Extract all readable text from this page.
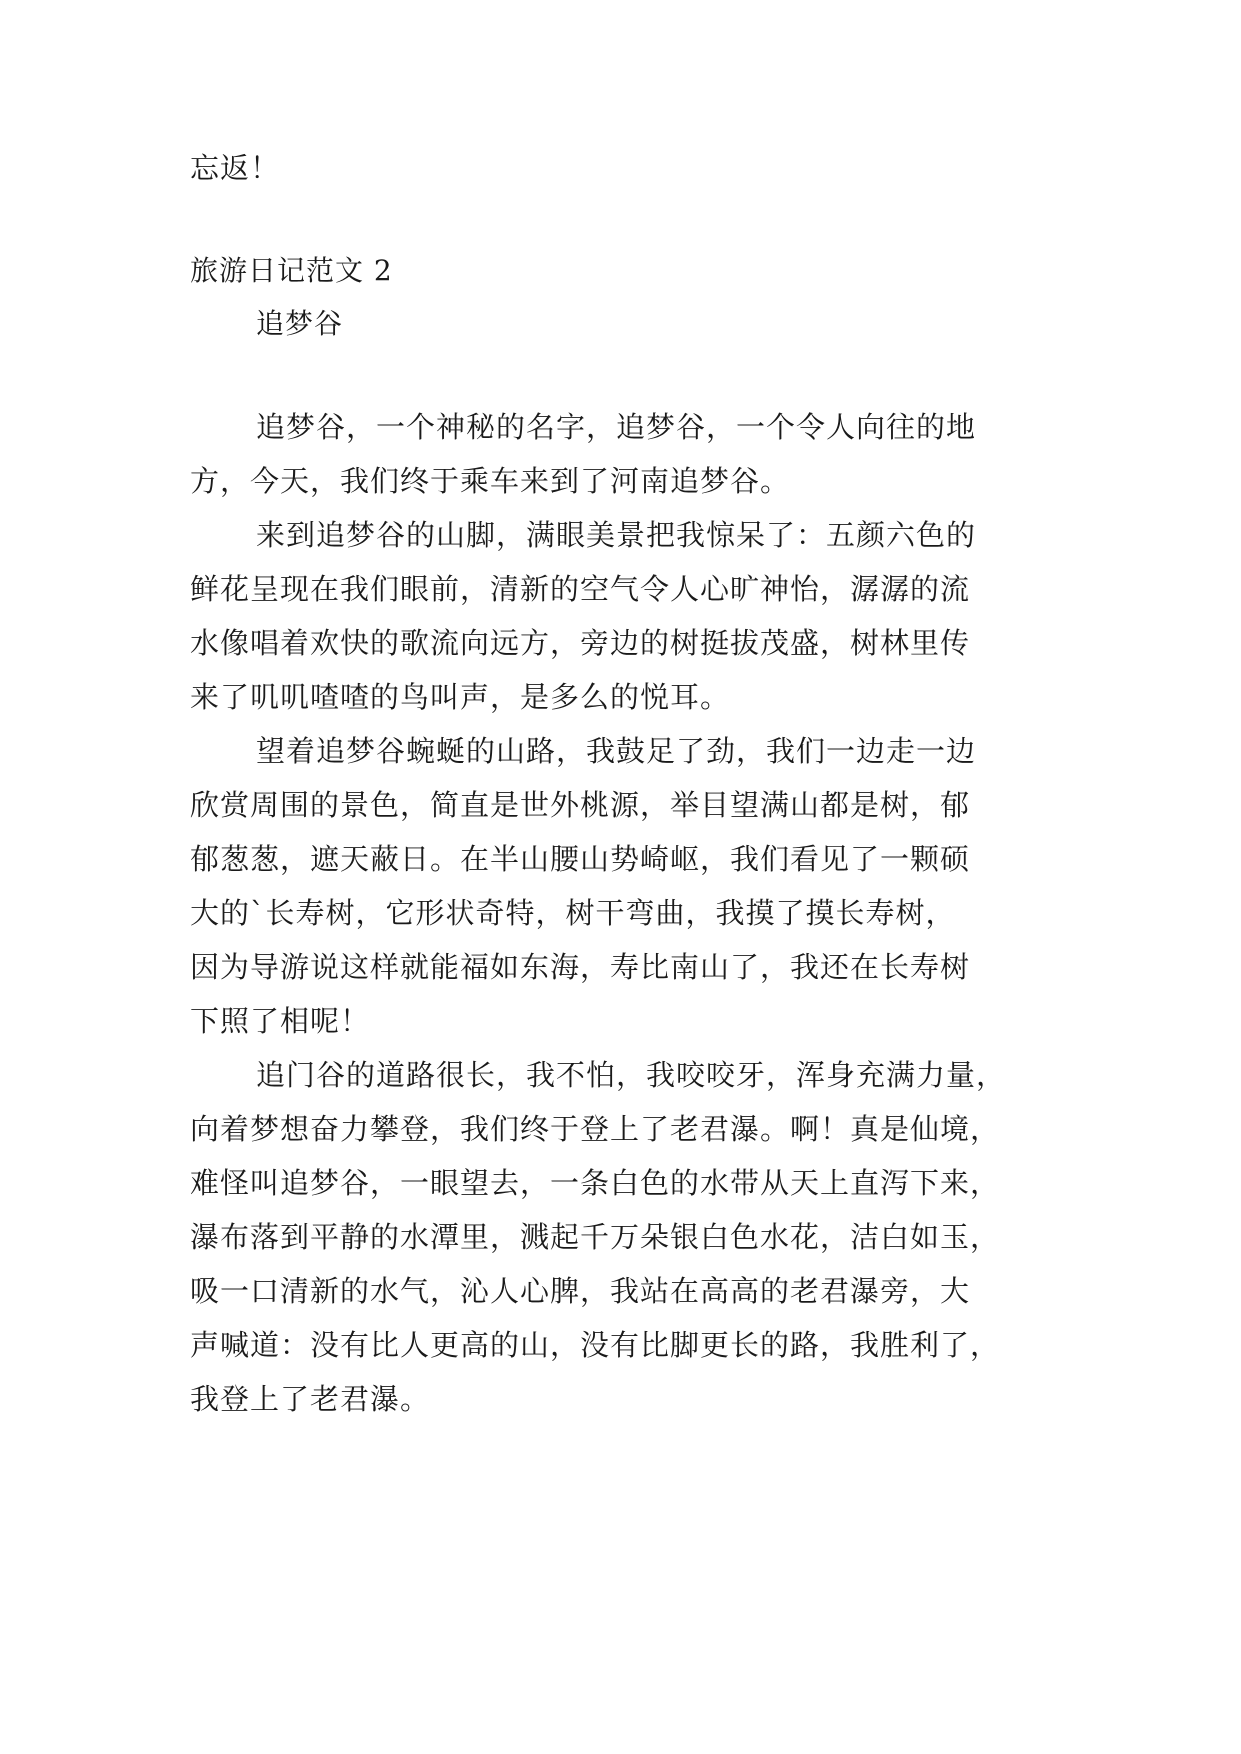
忘返！
旅游日记范文 2
追梦谷
追梦谷，一个神秘的名字，追梦谷，一个令人向往的地
方，今天，我们终于乘车来到了河南追梦谷。
来到追梦谷的山脚，满眼美景把我惊呆了：五颜六色的
鲜花呈现在我们眼前，清新的空气令人心旷神怡，潺潺的流
水像唱着欢快的歌流向远方，旁边的树挺拔茂盛，树林里传
来了叽叽喳喳的鸟叫声，是多么的悦耳。
望着追梦谷蜿蜒的山路，我鼓足了劲，我们一边走一边
欣赏周围的景色，简直是世外桃源，举目望满山都是树，郁
郁葱葱，遮天蔽日。在半山腰山势崎岖，我们看见了一颗硕
大的`长寿树，它形状奇特，树干弯曲，我摸了摸长寿树，
因为导游说这样就能福如东海，寿比南山了，我还在长寿树
下照了相呢！
追门谷的道路很长，我不怕，我咬咬牙，浑身充满力量，
向着梦想奋力攀登，我们终于登上了老君瀑。啊！真是仙境，
难怪叫追梦谷，一眼望去，一条白色的水带从天上直泻下来，
瀑布落到平静的水潭里，溅起千万朵银白色水花，洁白如玉，
吸一口清新的水气，沁人心脾，我站在高高的老君瀑旁，大
声喊道：没有比人更高的山，没有比脚更长的路，我胜利了，
我登上了老君瀑。
